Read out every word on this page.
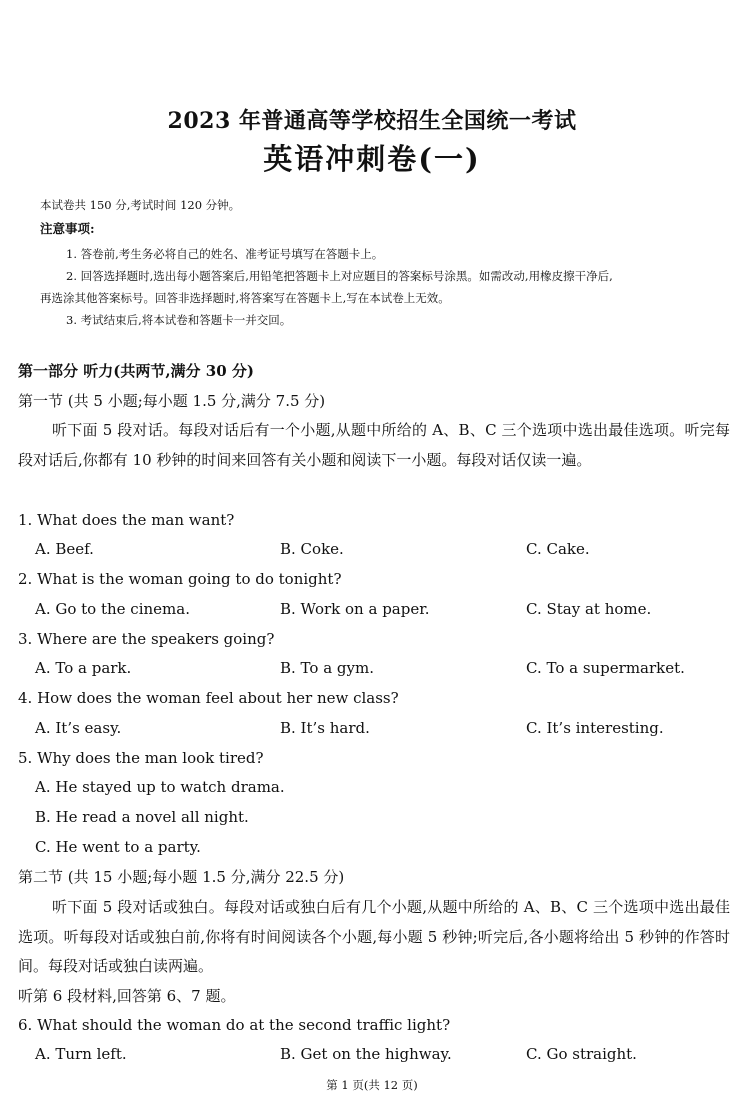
2023 年普通高等学校招生全国统一考试
英语冲刺卷(一)
本试卷共 150 分,考试时间 120 分钟。
注意事项:
1. 答卷前,考生务必将自己的姓名、准考证号填写在答题卡上。
2. 回答选择题时,选出每小题答案后,用铅笔把答题卡上对应题目的答案标号涂黑。如需改动,用橡皮擦干净后,
再选涂其他答案标号。回答非选择题时,将答案写在答题卡上,写在本试卷上无效。
3. 考试结束后,将本试卷和答题卡一并交回。
第一部分 听力(共两节,满分 30 分)
第一节 (共 5 小题;每小题 1.5 分,满分 7.5 分)
听下面 5 段对话。每段对话后有一个小题,从题中所给的 A、B、C 三个选项中选出最佳选项。听完每段对话后,你都有 10 秒钟的时间来回答有关小题和阅读下一小题。每段对话仅读一遍。
1. What does the man want?
A. Beef.	B. Coke.	C. Cake.
2. What is the woman going to do tonight?
A. Go to the cinema.	B. Work on a paper.	C. Stay at home.
3. Where are the speakers going?
A. To a park.	B. To a gym.	C. To a supermarket.
4. How does the woman feel about her new class?
A. It’s easy.	B. It’s hard.	C. It’s interesting.
5. Why does the man look tired?
A. He stayed up to watch drama.
B. He read a novel all night.
C. He went to a party.
第二节 (共 15 小题;每小题 1.5 分,满分 22.5 分)
听下面 5 段对话或独白。每段对话或独白后有几个小题,从题中所给的 A、B、C 三个选项中选出最佳选项。听每段对话或独白前,你将有时间阅读各个小题,每小题 5 秒钟;听完后,各小题将给出 5 秒钟的作答时间。每段对话或独白读两遍。
听第 6 段材料,回答第 6、7 题。
6. What should the woman do at the second traffic light?
A. Turn left.	B. Get on the highway.	C. Go straight.
第 1 页(共 12 页)
